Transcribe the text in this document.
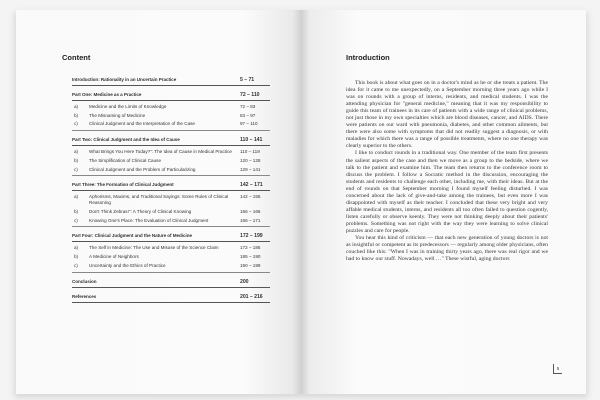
Content
Introduction: Rationality in an Uncertain Practice	5 – 71
Part One: Medicine as a Practice	72 – 110
a)	Medicine and the Limits of Knowledge	72 – 83
b)	The Misnaming of Medicine	83 – 97
c)	Clinical Judgment and the Interpretation of the Case	97 – 110
Part Two: Clinical Judgment and the Idea of Cause	110 – 141
a)	What Brings You Here Today?": The Idea of Cause in Medical Practice	110 – 119
b)	The Simplification of Clinical Cause	120 – 128
c)	Clinical Judgment and the Problem of Particularizing	129 – 141
Part Three: The Formation of Clinical Judgment	142 – 171
a)	Aphorisms, Maxims, and Traditional Sayings: Some Rules of Clinical Reasoning
142 – 155
b)	Don't Think Zebras!": A Theory of Clinical Knowing	156 – 166
c)	Knowing One's Place: The Evaluation of Clinical Judgment	166 – 171
Part Four: Clinical Judgment and the Nature of Medicine	172 – 199
a)	The Self in Medicine: The Use and Misuse of the Science Claim	172 – 185
b)	A Medicine of Neighbors	185 – 190
c)	Uncertainty and the Ethics of Practice	190 – 199
Conclusion	200
References	201 – 216
Introduction

This book is about what goes on in a doctor's mind as he or she treats a patient. The idea for it came to me unexpectedly, on a September morning three years ago while I was on rounds with a group of interns, residents, and medical students. I was the attending physician for "general medicine," meaning that it was my responsibility to guide this team of trainees in its care of patients with a wide range of clinical problems, not just those in my own specialties which are blood diseases, cancer, and AIDS. There were patients on our ward with pneumonia, diabetes, and other common ailments, but there were also some with symptoms that did not readily suggest a diagnosis, or with maladies for which there was a range of possible treatments, where no one therapy was clearly superior to the others.

I like to conduct rounds in a traditional way. One member of the team first presents the salient aspects of the case and then we move as a group to the bedside, where we talk to the patient and examine him. The team then returns to the conference room to discuss the problem. I follow a Socratic method in the discussion, encouraging the students and residents to challenge each other, including me, with their ideas. But at the end of rounds on that September morning I found myself feeling disturbed. I was concerned about the lack of give-and-take among the trainees, but even more I was disappointed with myself as their teacher. I concluded that these very bright and very affable medical students, interns, and residents all too often failed to question cogently, listen carefully or observe keenly. They were not thinking deeply about their patients' problems. Something was not right with the way they were learning to solve clinical puzzles and care for people.

You hear this kind of criticism — that each new generation of young doctors is not as insightful or competent as its predecessors — regularly among older physicians, often couched like this: "When I was in training thirty years ago, there was real rigor and we had to know our stuff. Nowadays, well …" These wistful, aging doctors

5
